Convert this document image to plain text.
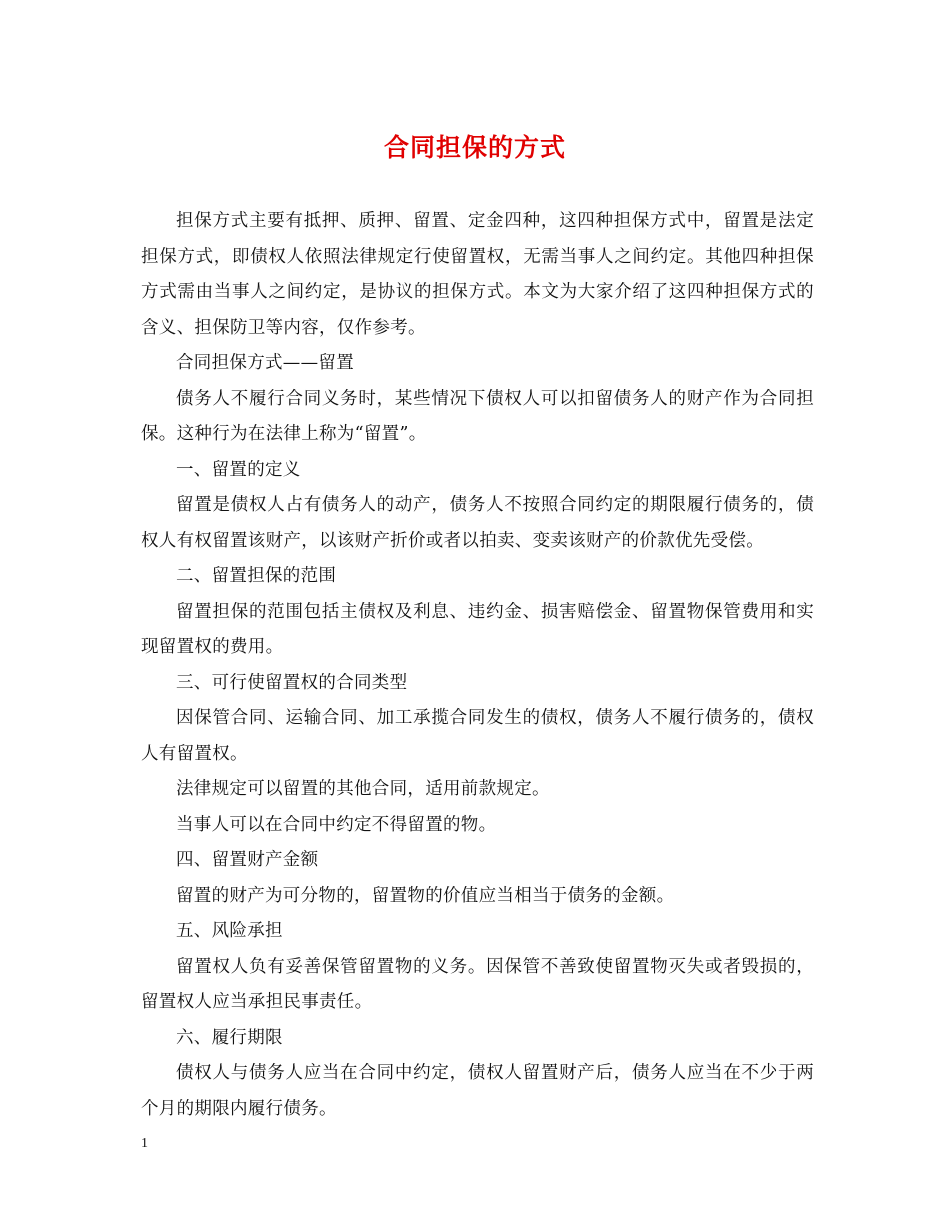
合同担保的方式

担保方式主要有抵押、质押、留置、定金四种，这四种担保方式中，留置是法定担保方式，即债权人依照法律规定行使留置权，无需当事人之间约定。其他四种担保方式需由当事人之间约定，是协议的担保方式。本文为大家介绍了这四种担保方式的含义、担保防卫等内容，仅作参考。

合同担保方式——留置

债务人不履行合同义务时，某些情况下债权人可以扣留债务人的财产作为合同担保。这种行为在法律上称为“留置”。

一、留置的定义

留置是债权人占有债务人的动产，债务人不按照合同约定的期限履行债务的，债权人有权留置该财产，以该财产折价或者以拍卖、变卖该财产的价款优先受偿。

二、留置担保的范围

留置担保的范围包括主债权及利息、违约金、损害赔偿金、留置物保管费用和实现留置权的费用。

三、可行使留置权的合同类型

因保管合同、运输合同、加工承揽合同发生的债权，债务人不履行债务的，债权人有留置权。

法律规定可以留置的其他合同，适用前款规定。

当事人可以在合同中约定不得留置的物。

四、留置财产金额

留置的财产为可分物的，留置物的价值应当相当于债务的金额。

五、风险承担

留置权人负有妥善保管留置物的义务。因保管不善致使留置物灭失或者毁损的，留置权人应当承担民事责任。

六、履行期限

债权人与债务人应当在合同中约定，债权人留置财产后，债务人应当在不少于两个月的期限内履行债务。

1
